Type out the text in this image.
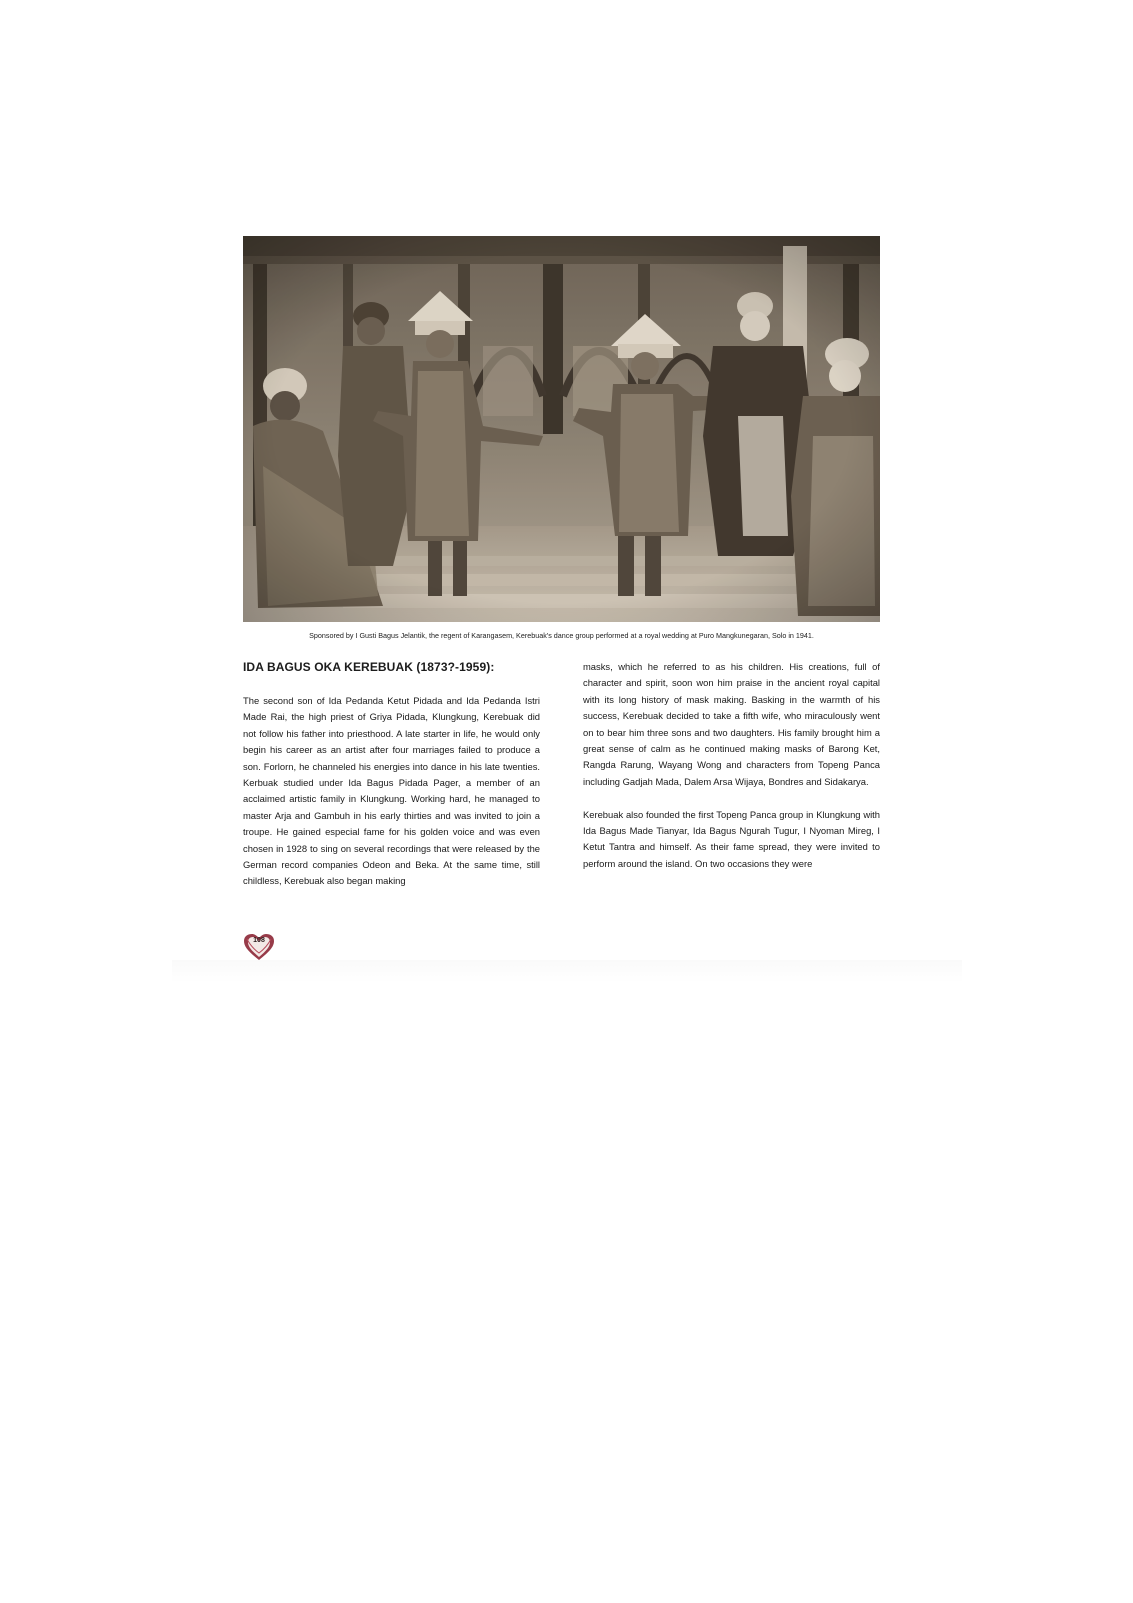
Sponsored by I Gusti Bagus Jelantik, the regent of Karangasem, Kerebuak's dance group performed at a royal wedding at Puro Mangkunegaran, Solo in 1941.
IDA BAGUS OKA KEREBUAK (1873?-1959):

The second son of Ida Pedanda Ketut Pidada and Ida Pedanda Istri Made Rai, the high priest of Griya Pidada, Klungkung, Kerebuak did not follow his father into priesthood. A late starter in life, he would only begin his career as an artist after four marriages failed to produce a son. Forlorn, he channeled his energies into dance in his late twenties. Kerbuak studied under Ida Bagus Pidada Pager, a member of an acclaimed artistic family in Klungkung. Working hard, he managed to master Arja and Gambuh in his early thirties and was invited to join a troupe. He gained especial fame for his golden voice and was even chosen in 1928 to sing on several recordings that were released by the German record companies Odeon and Beka. At the same time, still childless, Kerebuak also began making

masks, which he referred to as his children. His creations, full of character and spirit, soon won him praise in the ancient royal capital with its long history of mask making. Basking in the warmth of his success, Kerebuak decided to take a fifth wife, who miraculously went on to bear him three sons and two daughters. His family brought him a great sense of calm as he continued making masks of Barong Ket, Rangda Rarung, Wayang Wong and characters from Topeng Panca including Gadjah Mada, Dalem Arsa Wijaya, Bondres and Sidakarya.

Kerebuak also founded the first Topeng Panca group in Klungkung with Ida Bagus Made Tianyar, Ida Bagus Ngurah Tugur, I Nyoman Mireg, I Ketut Tantra and himself. As their fame spread, they were invited to perform around the island. On two occasions they were

108
